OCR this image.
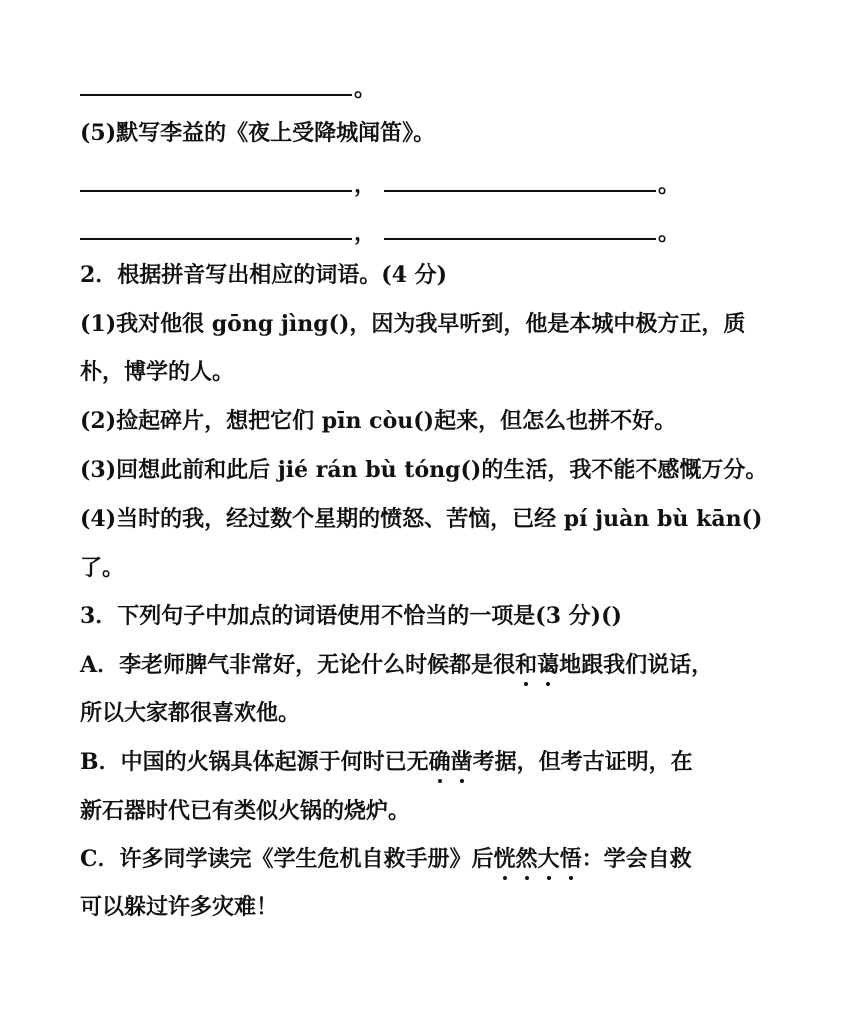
。
(5)默写李益的《夜上受降城闻笛》。
，	。
，	。
2．根据拼音写出相应的词语。(4 分)
(1)我对他很 gōng jìng()，因为我早听到，他是本城中极方正，质
朴，博学的人。
(2)捡起碎片，想把它们 pīn còu()起来，但怎么也拼不好。
(3)回想此前和此后 jié rán bù tóng()的生活，我不能不感慨万分。
(4)当时的我，经过数个星期的愤怒、苦恼，已经 pí juàn bù kān()
了。
3．下列句子中加点的词语使用不恰当的一项是(3 分)()
A．李老师脾气非常好，无论什么时候都是很和蔼地跟我们说话，
所以大家都很喜欢他。
B．中国的火锅具体起源于何时已无确凿考据，但考古证明，在
新石器时代已有类似火锅的烧炉。
C．许多同学读完《学生危机自救手册》后恍然大悟：学会自救
可以躲过许多灾难！
